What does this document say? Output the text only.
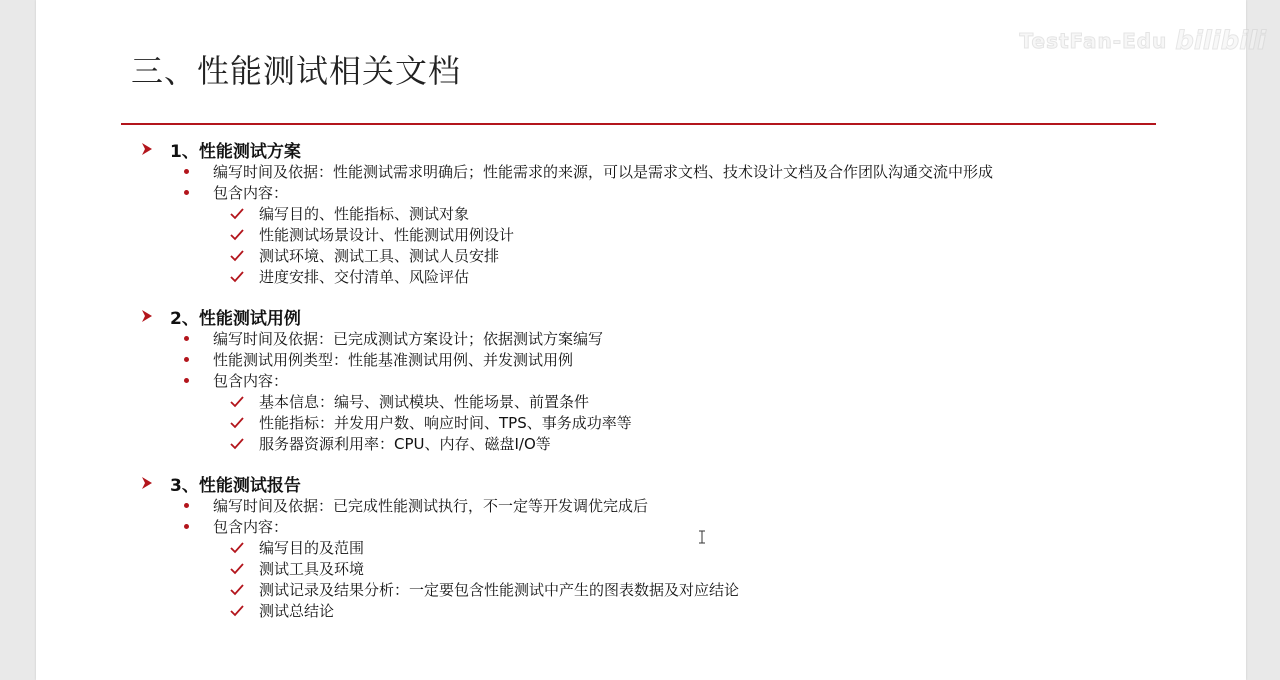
三、性能测试相关文档
1、性能测试方案
编写时间及依据：性能测试需求明确后；性能需求的来源，可以是需求文档、技术设计文档及合作团队沟通交流中形成
包含内容：
编写目的、性能指标、测试对象
性能测试场景设计、性能测试用例设计
测试环境、测试工具、测试人员安排
进度安排、交付清单、风险评估
2、性能测试用例
编写时间及依据：已完成测试方案设计；依据测试方案编写
性能测试用例类型：性能基准测试用例、并发测试用例
包含内容：
基本信息：编号、测试模块、性能场景、前置条件
性能指标：并发用户数、响应时间、TPS、事务成功率等
服务器资源利用率：CPU、内存、磁盘I/O等
3、性能测试报告
编写时间及依据：已完成性能测试执行，不一定等开发调优完成后
包含内容：
编写目的及范围
测试工具及环境
测试记录及结果分析：一定要包含性能测试中产生的图表数据及对应结论
测试总结论
TestFan-Edu bilibili
